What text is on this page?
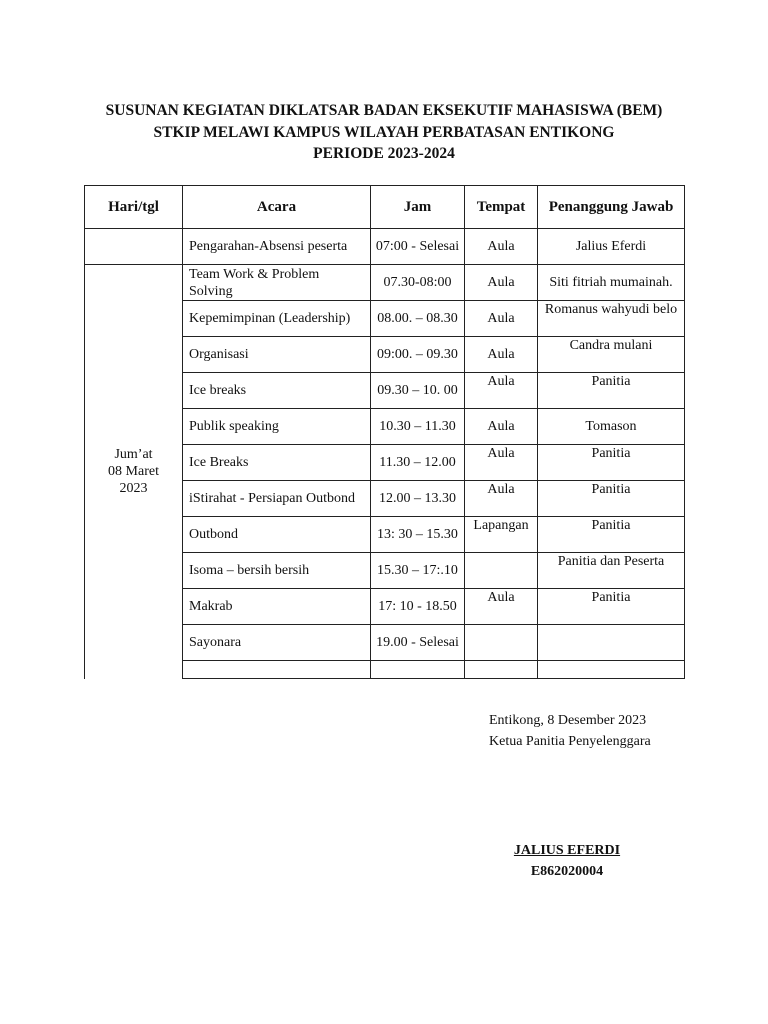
SUSUNAN KEGIATAN DIKLATSAR BADAN EKSEKUTIF MAHASISWA (BEM)
STKIP MELAWI KAMPUS WILAYAH PERBATASAN ENTIKONG
PERIODE 2023-2024
Hari/tgl	Acara	Jam	Tempat	Penanggung Jawab
	Pengarahan-Absensi peserta	07:00 - Selesai	Aula	Jalius Eferdi

Jum’at
08 Maret
2023	Team Work & Problem Solving	07.30-08:00	Aula	Siti fitriah mumainah.
	Kepemimpinan (Leadership)	08.00. – 08.30	Aula	Romanus wahyudi belo
	Organisasi	09:00. – 09.30	Aula	Candra mulani
	Ice breaks	09.30 – 10. 00	Aula	Panitia
	Publik speaking	10.30 – 11.30	Aula	Tomason
	Ice Breaks	11.30 – 12.00	Aula	Panitia
	iStirahat - Persiapan Outbond	12.00 – 13.30	Aula	Panitia
	Outbond	13: 30 – 15.30	Lapangan	Panitia
	Isoma – bersih bersih	15.30 – 17:.10		Panitia dan Peserta
	Makrab	17: 10 - 18.50	Aula	Panitia
	Sayonara	19.00 - Selesai		

Entikong, 8 Desember 2023
Ketua Panitia Penyelenggara
JALIUS EFERDI
E862020004
